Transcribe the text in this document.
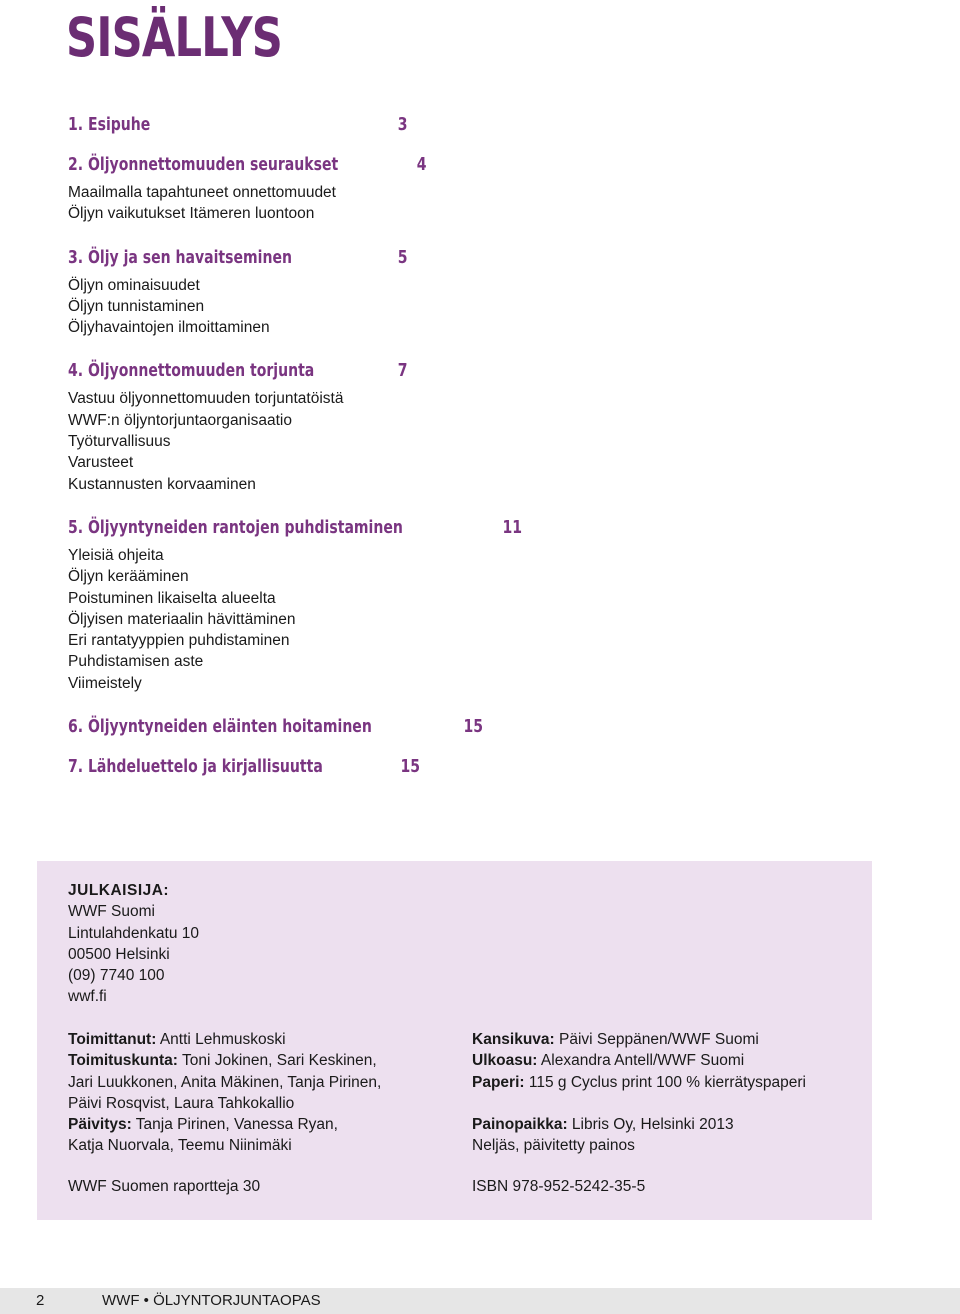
SISÄLLYS
1. Esipuhe	3
2. Öljyonnettomuuden seuraukset	4
Maailmalla tapahtuneet onnettomuudet
Öljyn vaikutukset Itämeren luontoon
3. Öljy ja sen havaitseminen	5
Öljyn ominaisuudet
Öljyn tunnistaminen
Öljyhavaintojen ilmoittaminen
4. Öljyonnettomuuden torjunta	7
Vastuu öljyonnettomuuden torjuntatöistä
WWF:n öljyntorjuntaorganisaatio
Työturvallisuus
Varusteet
Kustannusten korvaaminen
5. Öljyyntyneiden rantojen puhdistaminen	11
Yleisiä ohjeita
Öljyn kerääminen
Poistuminen likaiselta alueelta
Öljyisen materiaalin hävittäminen
Eri rantatyyppien puhdistaminen
Puhdistamisen aste
Viimeistely
6. Öljyyntyneiden eläinten hoitaminen	15
7. Lähdeluettelo ja kirjallisuutta	15
JULKAISIJA:
WWF Suomi
Lintulahdenkatu 10
00500 Helsinki
(09) 7740 100
wwf.fi
Toimittanut: Antti Lehmuskoski
Toimituskunta: Toni Jokinen, Sari Keskinen,
Jari Luukkonen, Anita Mäkinen, Tanja Pirinen,
Päivi Rosqvist, Laura Tahkokallio
Päivitys: Tanja Pirinen, Vanessa Ryan,
Katja Nuorvala, Teemu Niinimäki
Kansikuva: Päivi Seppänen/WWF Suomi
Ulkoasu: Alexandra Antell/WWF Suomi
Paperi: 115 g Cyclus print 100 % kierrätyspaperi
Painopaikka: Libris Oy, Helsinki 2013
Neljäs, päivitetty painos
WWF Suomen raportteja 30	ISBN 978-952-5242-35-5
2	WWF • ÖLJYNTORJUNTAOPAS
